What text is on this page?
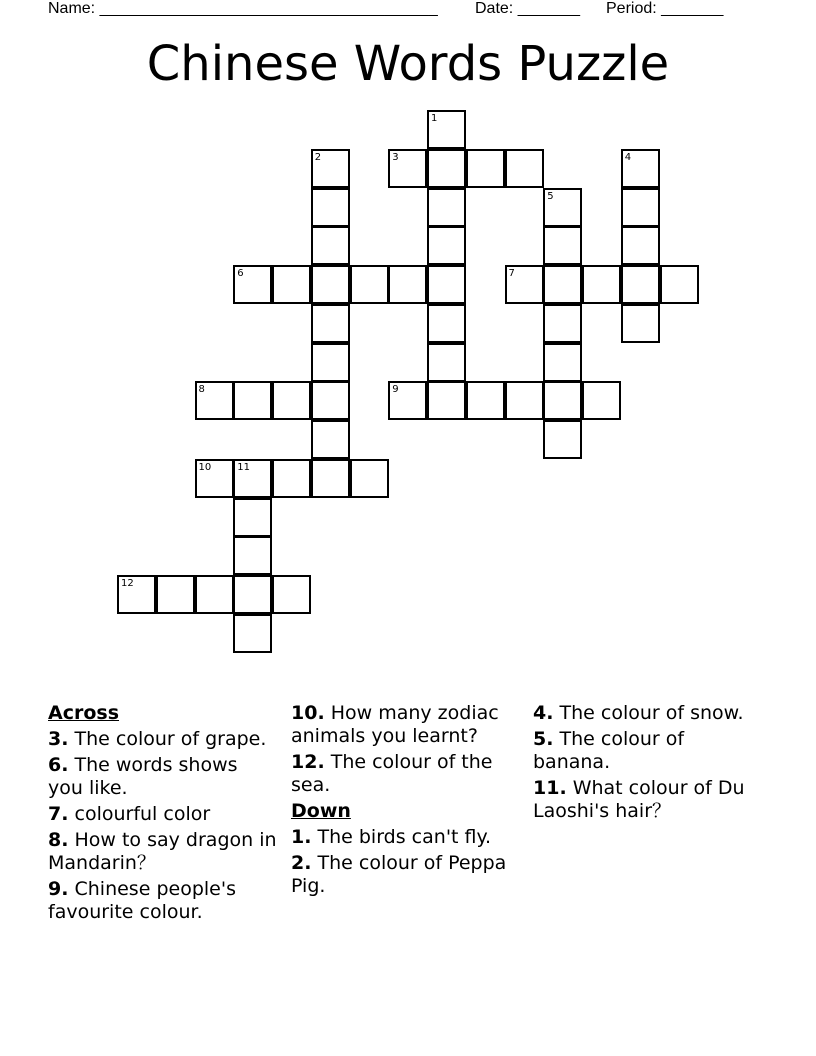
Name: ______________________________________ Date: _______ Period: _______
Chinese Words Puzzle
1
2	3	4
5
6	7
8	9
10	11
12
Across
3. The colour of grape.
6. The words shows you like.
7. colourful color
8. How to say dragon in Mandarin？
9. Chinese people's favourite colour.
10. How many zodiac animals you learnt?
12. The colour of the sea.
Down
1. The birds can't fly.
2. The colour of Peppa Pig.
4. The colour of snow.
5. The colour of banana.
11. What colour of Du Laoshi's hair？
